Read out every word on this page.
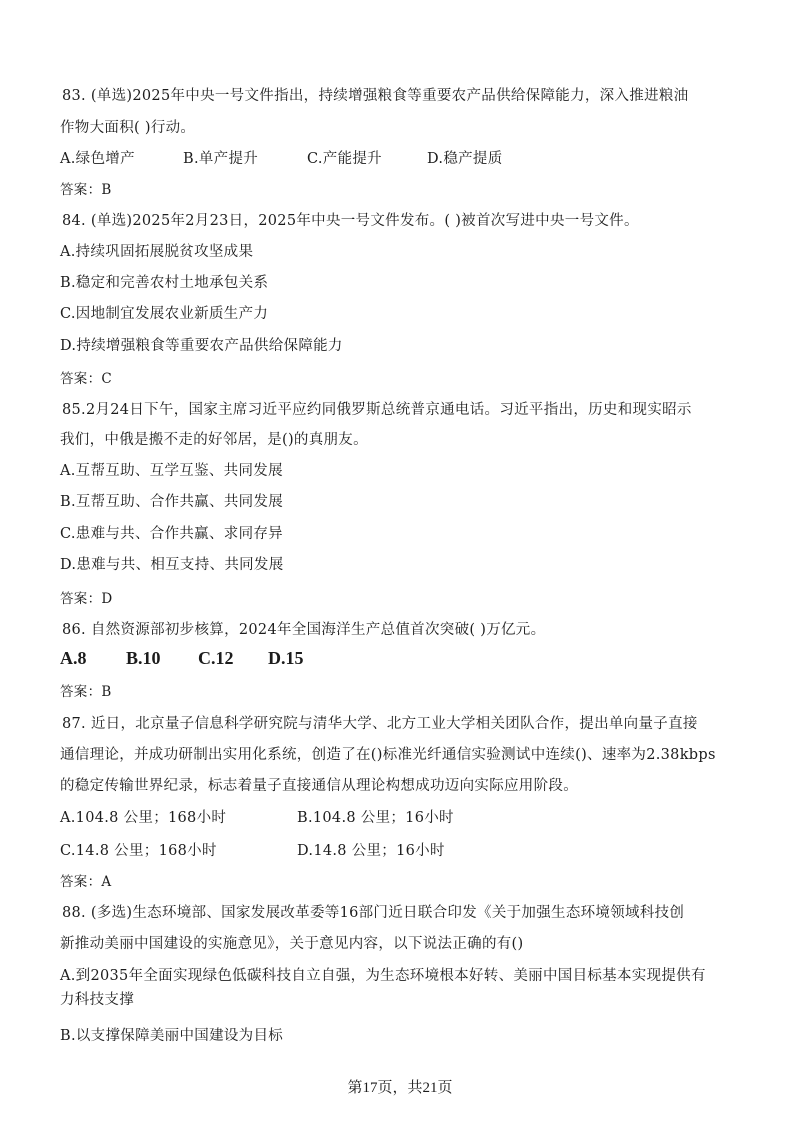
83. (单选)2025年中央一号文件指出，持续增强粮食等重要农产品供给保障能力，深入推进粮油

作物大面积( )行动。

A.绿色增产	B.单产提升	C.产能提升	D.稳产提质

答案：B

84. (单选)2025年2月23日，2025年中央一号文件发布。( )被首次写进中央一号文件。

A.持续巩固拓展脱贫攻坚成果

B.稳定和完善农村土地承包关系

C.因地制宜发展农业新质生产力

D.持续增强粮食等重要农产品供给保障能力

答案：C

85.2月24日下午，国家主席习近平应约同俄罗斯总统普京通电话。习近平指出，历史和现实昭示

我们，中俄是搬不走的好邻居，是()的真朋友。

A.互帮互助、互学互鉴、共同发展

B.互帮互助、合作共赢、共同发展

C.患难与共、合作共赢、求同存异

D.患难与共、相互支持、共同发展

答案：D

86. 自然资源部初步核算，2024年全国海洋生产总值首次突破( )万亿元。

A.8 B.10 C.12 D.15

答案：B

87. 近日，北京量子信息科学研究院与清华大学、北方工业大学相关团队合作，提出单向量子直接

通信理论，并成功研制出实用化系统，创造了在()标准光纤通信实验测试中连续()、速率为2.38kbps

的稳定传输世界纪录，标志着量子直接通信从理论构想成功迈向实际应用阶段。

A.104.8 公里；168小时	B.104.8 公里；16小时

C.14.8 公里；168小时	D.14.8 公里；16小时

答案：A

88. (多选)生态环境部、国家发展改革委等16部门近日联合印发《关于加强生态环境领域科技创

新推动美丽中国建设的实施意见》，关于意见内容，以下说法正确的有()

A.到2035年全面实现绿色低碳科技自立自强，为生态环境根本好转、美丽中国目标基本实现提供有

力科技支撑

B.以支撑保障美丽中国建设为目标

第17页，共21页
